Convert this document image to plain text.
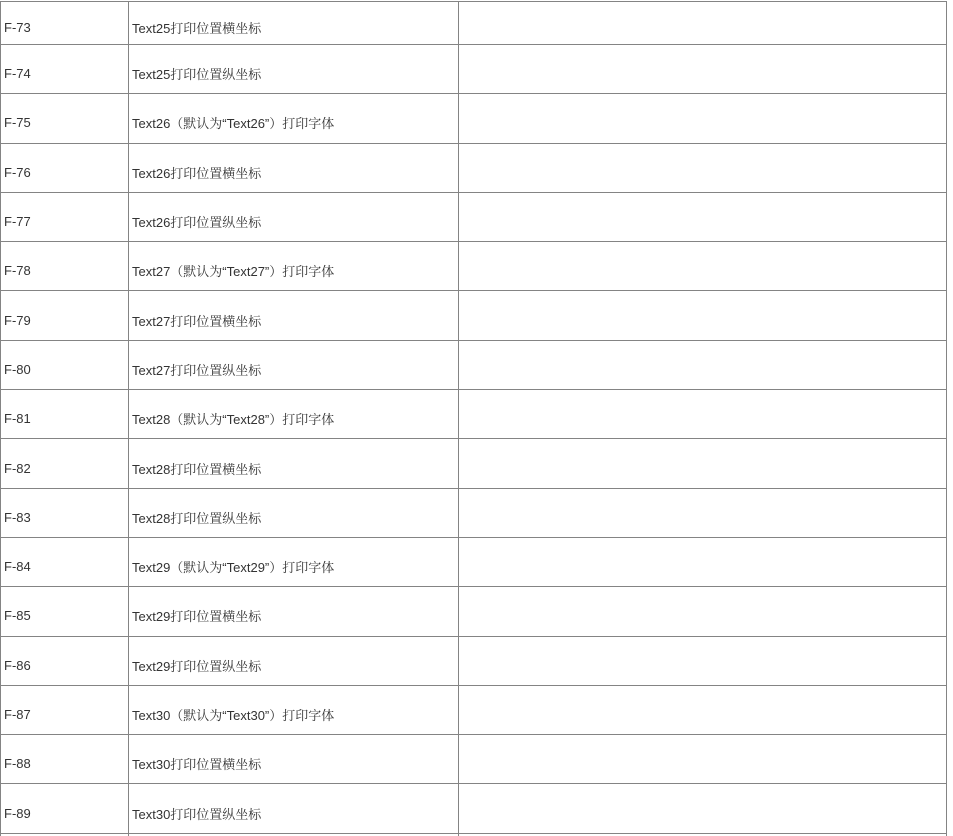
F-73	Text25打印位置横坐标
F-74	Text25打印位置纵坐标
F-75	Text26（默认为“Text26”）打印字体
F-76	Text26打印位置横坐标
F-77	Text26打印位置纵坐标
F-78	Text27（默认为“Text27”）打印字体
F-79	Text27打印位置横坐标
F-80	Text27打印位置纵坐标
F-81	Text28（默认为“Text28”）打印字体
F-82	Text28打印位置横坐标
F-83	Text28打印位置纵坐标
F-84	Text29（默认为“Text29”）打印字体
F-85	Text29打印位置横坐标
F-86	Text29打印位置纵坐标
F-87	Text30（默认为“Text30”）打印字体
F-88	Text30打印位置横坐标
F-89	Text30打印位置纵坐标
